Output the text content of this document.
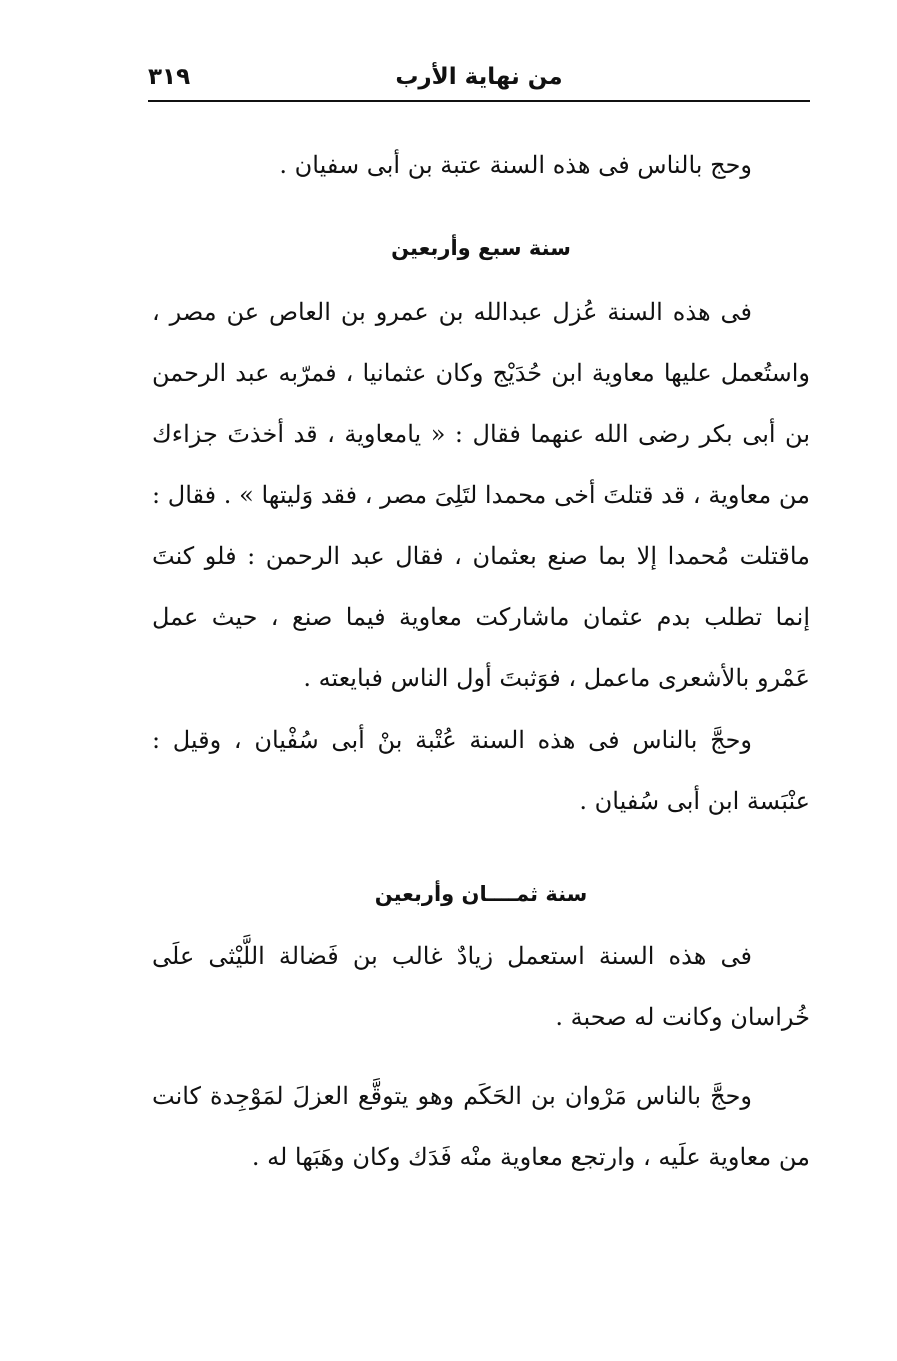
من نهاية الأرب
٣١٩

وحج بالناس فى هذه السنة عتبة بن أبى سفيان .

سنة سبع وأربعين

فى هذه السنة عُزل عبدالله بن عمرو بن العاص عن مصر ، واستُعمل عليها معاوية ابن حُدَيْج وكان عثمانيا ، فمرّبه عبد الرحمن بن أبى بكر رضى الله عنهما فقال : « يامعاوية ، قد أخذتَ جزاءك من معاوية ، قد قتلتَ أخى محمدا لتَلِىَ مصر ، فقد وَليتها » . فقال : ماقتلت مُحمدا إلا بما صنع بعثمان ، فقال عبد الرحمن : فلو كنتَ إنما تطلب بدم عثمان ماشاركت معاوية فيما صنع ، حيث عمل عَمْرو بالأشعرى ماعمل ، فوَثبتَ أول الناس فبايعته .

وحجَّ بالناس فى هذه السنة عُتْبة بنْ أبى سُفْيان ، وقيل : عنْبَسة ابن أبى سُفيان .

سنة ثمــــان وأربعين

فى هذه السنة استعمل زيادٌ غالب بن فَضالة اللَّيْثى علَى خُراسان وكانت له صحبة .

وحجَّ بالناس مَرْوان بن الحَكَم وهو يتوقَّع العزلَ لمَوْجِدة كانت من معاوية علَيه ، وارتجع معاوية منْه فَدَك وكان وهَبَها له .
